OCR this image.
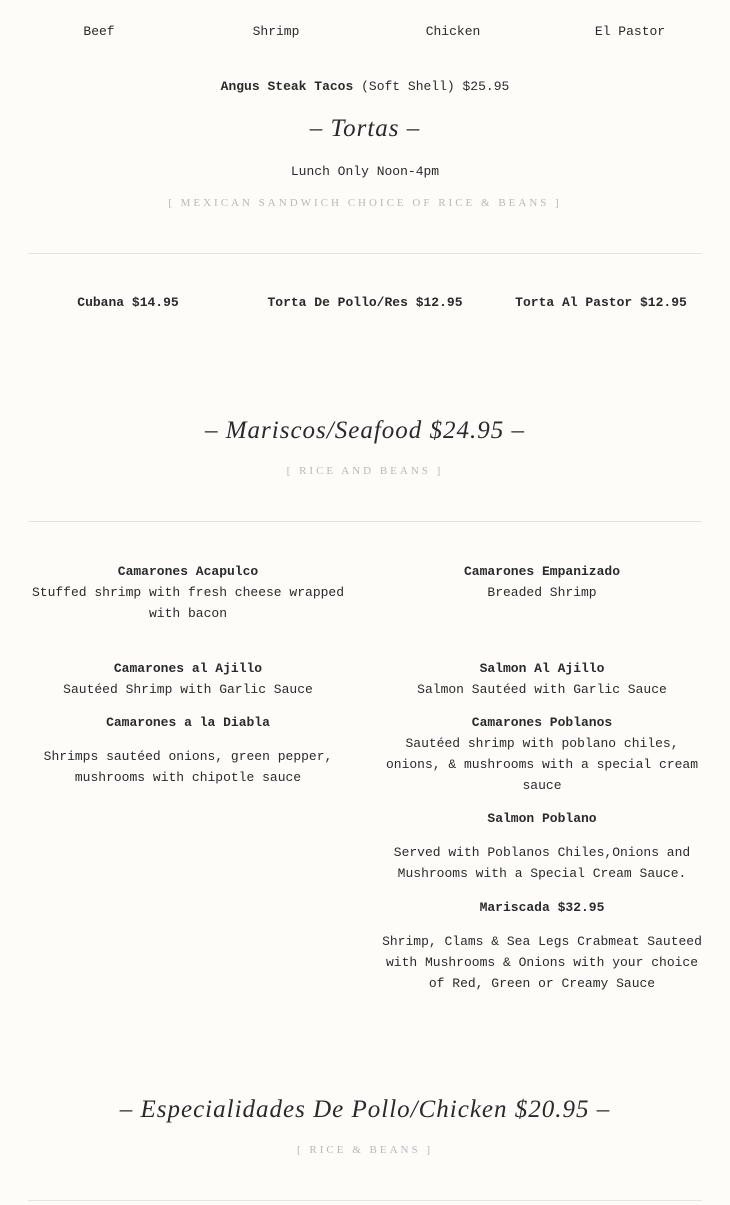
Beef	Shrimp	Chicken	El Pastor
Angus Steak Tacos (Soft Shell) $25.95
– Tortas –
Lunch Only Noon-4pm
[ MEXICAN SANDWICH CHOICE OF RICE & BEANS ]
Cubana $14.95	Torta De Pollo/Res $12.95	Torta Al Pastor $12.95
– Mariscos/Seafood $24.95 –
[ RICE AND BEANS ]
Camarones Acapulco
Stuffed shrimp with fresh cheese wrapped with bacon
Camarones al Ajillo
Sautéed Shrimp with Garlic Sauce
Camarones a la Diabla
Shrimps sautéed onions, green pepper, mushrooms with chipotle sauce
Camarones Empanizado
Breaded Shrimp
Salmon Al Ajillo
Salmon Sautéed with Garlic Sauce
Camarones Poblanos
Sautéed shrimp with poblano chiles, onions, & mushrooms with a special cream sauce
Salmon Poblano
Served with Poblanos Chiles,Onions and Mushrooms with a Special Cream Sauce.
Mariscada $32.95
Shrimp, Clams & Sea Legs Crabmeat Sauteed with Mushrooms & Onions with your choice of Red, Green or Creamy Sauce
– Especialidades De Pollo/Chicken $20.95 –
[ RICE & BEANS ]
